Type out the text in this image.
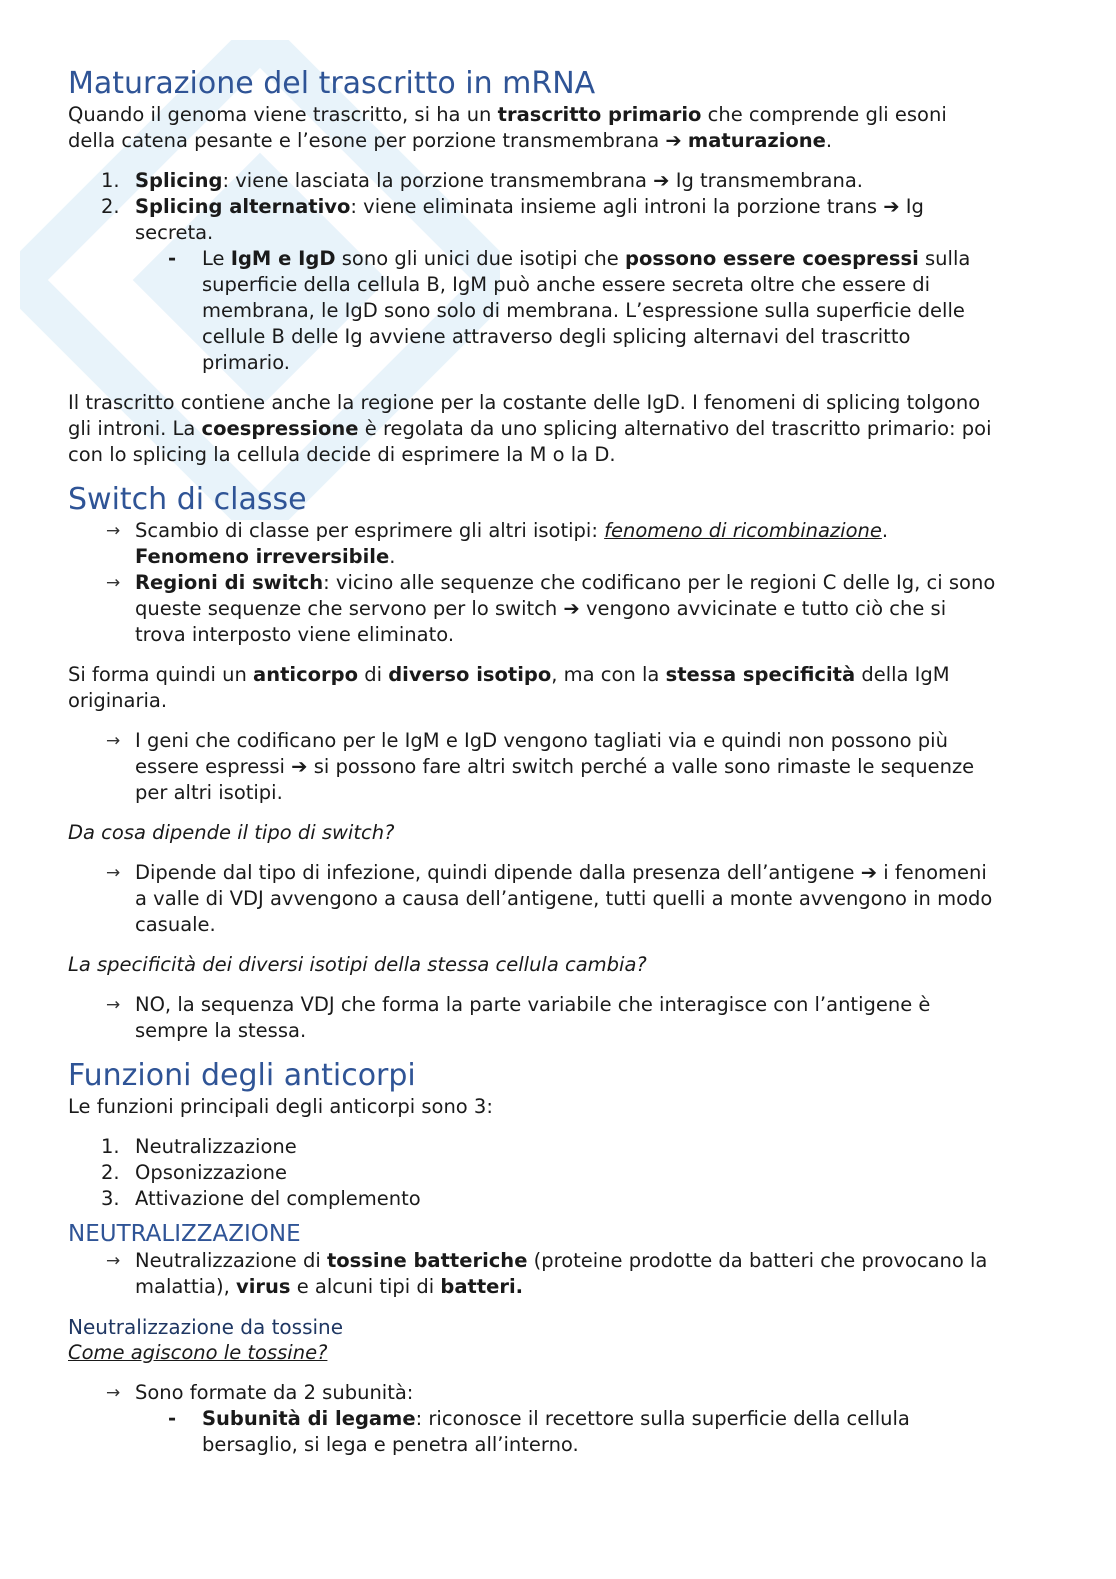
Maturazione del trascritto in mRNA

Quando il genoma viene trascritto, si ha un trascritto primario che comprende gli esoni
della catena pesante e l’esone per porzione transmembrana ➔ maturazione.

1. Splicing: viene lasciata la porzione transmembrana ➔ Ig transmembrana.
2. Splicing alternativo: viene eliminata insieme agli introni la porzione trans ➔ Ig
secreta.
- Le IgM e IgD sono gli unici due isotipi che possono essere coespressi sulla
superficie della cellula B, IgM può anche essere secreta oltre che essere di
membrana, le IgD sono solo di membrana. L’espressione sulla superficie delle
cellule B delle Ig avviene attraverso degli splicing alternavi del trascritto
primario.

Il trascritto contiene anche la regione per la costante delle IgD. I fenomeni di splicing tolgono
gli introni. La coespressione è regolata da uno splicing alternativo del trascritto primario: poi
con lo splicing la cellula decide di esprimere la M o la D.

Switch di classe
→ Scambio di classe per esprimere gli altri isotipi: fenomeno di ricombinazione.
Fenomeno irreversibile.
→ Regioni di switch: vicino alle sequenze che codificano per le regioni C delle Ig, ci sono
queste sequenze che servono per lo switch ➔ vengono avvicinate e tutto ciò che si
trova interposto viene eliminato.

Si forma quindi un anticorpo di diverso isotipo, ma con la stessa specificità della IgM
originaria.

→ I geni che codificano per le IgM e IgD vengono tagliati via e quindi non possono più
essere espressi ➔ si possono fare altri switch perché a valle sono rimaste le sequenze
per altri isotipi.

Da cosa dipende il tipo di switch?

→ Dipende dal tipo di infezione, quindi dipende dalla presenza dell’antigene ➔ i fenomeni
a valle di VDJ avvengono a causa dell’antigene, tutti quelli a monte avvengono in modo
casuale.

La specificità dei diversi isotipi della stessa cellula cambia?

→ NO, la sequenza VDJ che forma la parte variabile che interagisce con l’antigene è
sempre la stessa.
Funzioni degli anticorpi

Le funzioni principali degli anticorpi sono 3:

1. Neutralizzazione
2. Opsonizzazione
3. Attivazione del complemento
NEUTRALIZZAZIONE
→ Neutralizzazione di tossine batteriche (proteine prodotte da batteri che provocano la
malattia), virus e alcuni tipi di batteri.
Neutralizzazione da tossine

Come agiscono le tossine?

→ Sono formate da 2 subunità:
- Subunità di legame: riconosce il recettore sulla superficie della cellula
bersaglio, si lega e penetra all’interno.
